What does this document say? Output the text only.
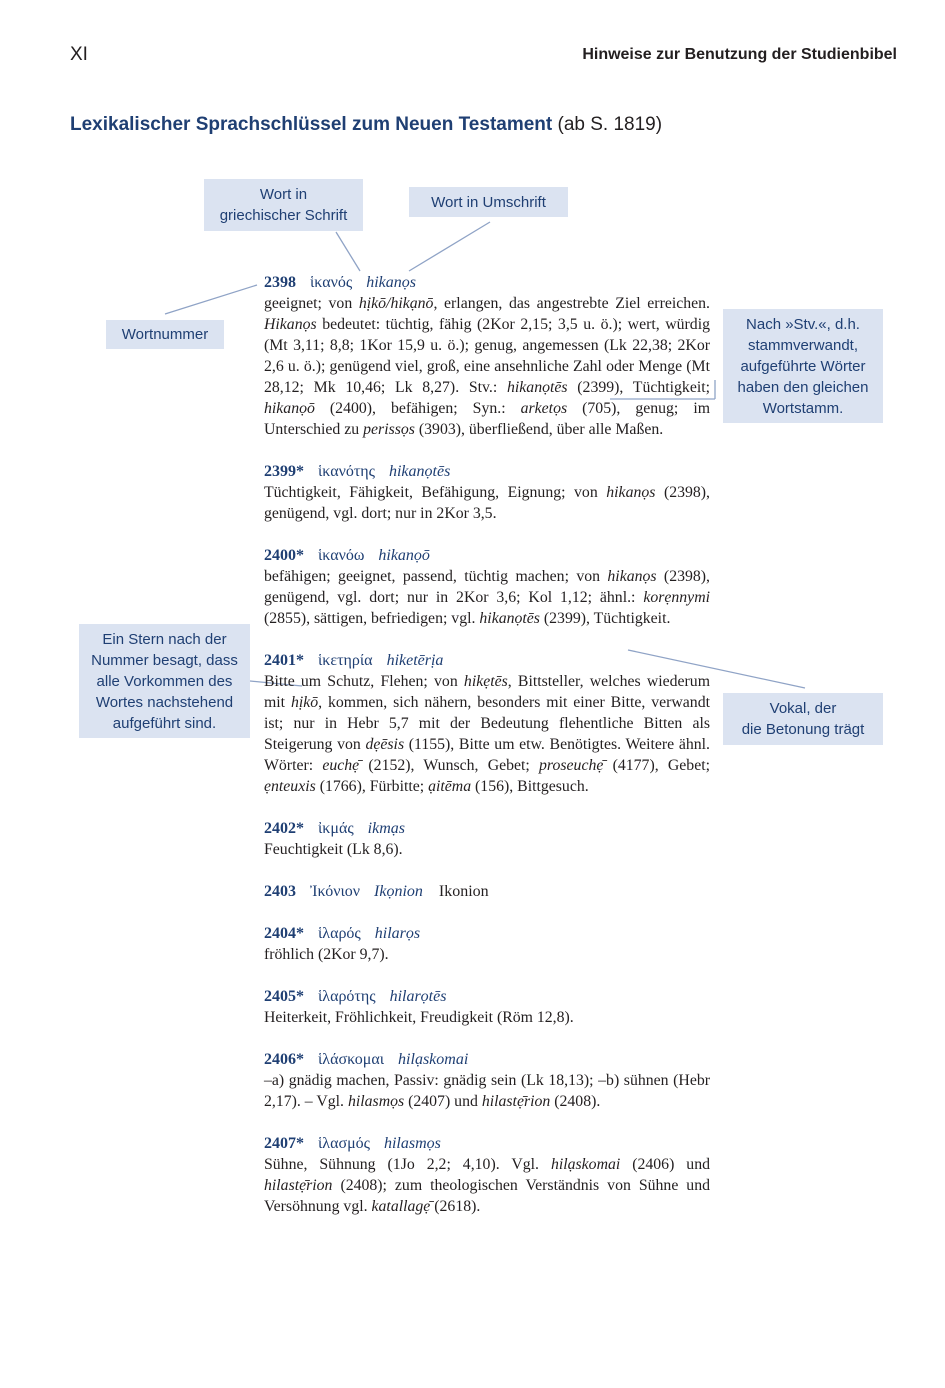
XI	Hinweise zur Benutzung der Studienbibel
Lexikalischer Sprachschlüssel zum Neuen Testament (ab S. 1819)
Wort in
griechischer Schrift
Wort in Umschrift
Wortnummer
Nach »Stv.«, d.h.
stammverwandt,
aufgeführte Wörter
haben den gleichen
Wortstamm.
Ein Stern nach der
Nummer besagt, dass
alle Vorkommen des
Wortes nachstehend
aufgeführt sind.
Vokal, der
die Betonung trägt
2398 ἱκανός hikanọs
geeignet; von hịkō/hikạnō, erlangen, das angestrebte Ziel erreichen. Hikanọs bedeutet: tüchtig, fähig (2Kor 2,15; 3,5 u. ö.); wert, würdig (Mt 3,11; 8,8; 1Kor 15,9 u. ö.); genug, angemessen (Lk 22,38; 2Kor 2,6 u. ö.); genügend viel, groß, eine ansehnliche Zahl oder Menge (Mt 28,12; Mk 10,46; Lk 8,27). Stv.: hikanọtēs (2399), Tüchtigkeit; hikanọō (2400), befähigen; Syn.: arketọs (705), genug; im Unterschied zu perissọs (3903), überfließend, über alle Maßen.
2399* ἱκανότης hikanọtēs
Tüchtigkeit, Fähigkeit, Befähigung, Eignung; von hikanọs (2398), genügend, vgl. dort; nur in 2Kor 3,5.
2400* ἱκανόω hikanọō
befähigen; geeignet, passend, tüchtig machen; von hikanọs (2398), genügend, vgl. dort; nur in 2Kor 3,6; Kol 1,12; ähnl.: korẹnnymi (2855), sättigen, befriedigen; vgl. hikanọtēs (2399), Tüchtigkeit.
2401* ἱκετηρία hiketērịa
Bitte um Schutz, Flehen; von hikẹtēs, Bittsteller, welches wiederum mit hịkō, kommen, sich nähern, besonders mit einer Bitte, verwandt ist; nur in Hebr 5,7 mit der Bedeutung flehentliche Bitten als Steigerung von dẹēsis (1155), Bitte um etw. Benötigtes. Weitere ähnl. Wörter: euchẹ̄ (2152), Wunsch, Gebet; proseuchẹ̄ (4177), Gebet; ẹnteuxis (1766), Fürbitte; ạitēma (156), Bittgesuch.
2402* ἰκμάς ikmạs
Feuchtigkeit (Lk 8,6).
2403 Ἰκόνιον Ikọnion Ikonion
2404* ἱλαρός hilarọs
fröhlich (2Kor 9,7).
2405* ἱλαρότης hilarọtēs
Heiterkeit, Fröhlichkeit, Freudigkeit (Röm 12,8).
2406* ἱλάσκομαι hilạskomai
–a) gnädig machen, Passiv: gnädig sein (Lk 18,13); –b) sühnen (Hebr 2,17). – Vgl. hilasmọs (2407) und hilastẹ̄rion (2408).
2407* ἱλασμός hilasmọs
Sühne, Sühnung (1Jo 2,2; 4,10). Vgl. hilạskomai (2406) und hilastẹ̄rion (2408); zum theologischen Verständnis von Sühne und Versöhnung vgl. katallagẹ̄ (2618).
